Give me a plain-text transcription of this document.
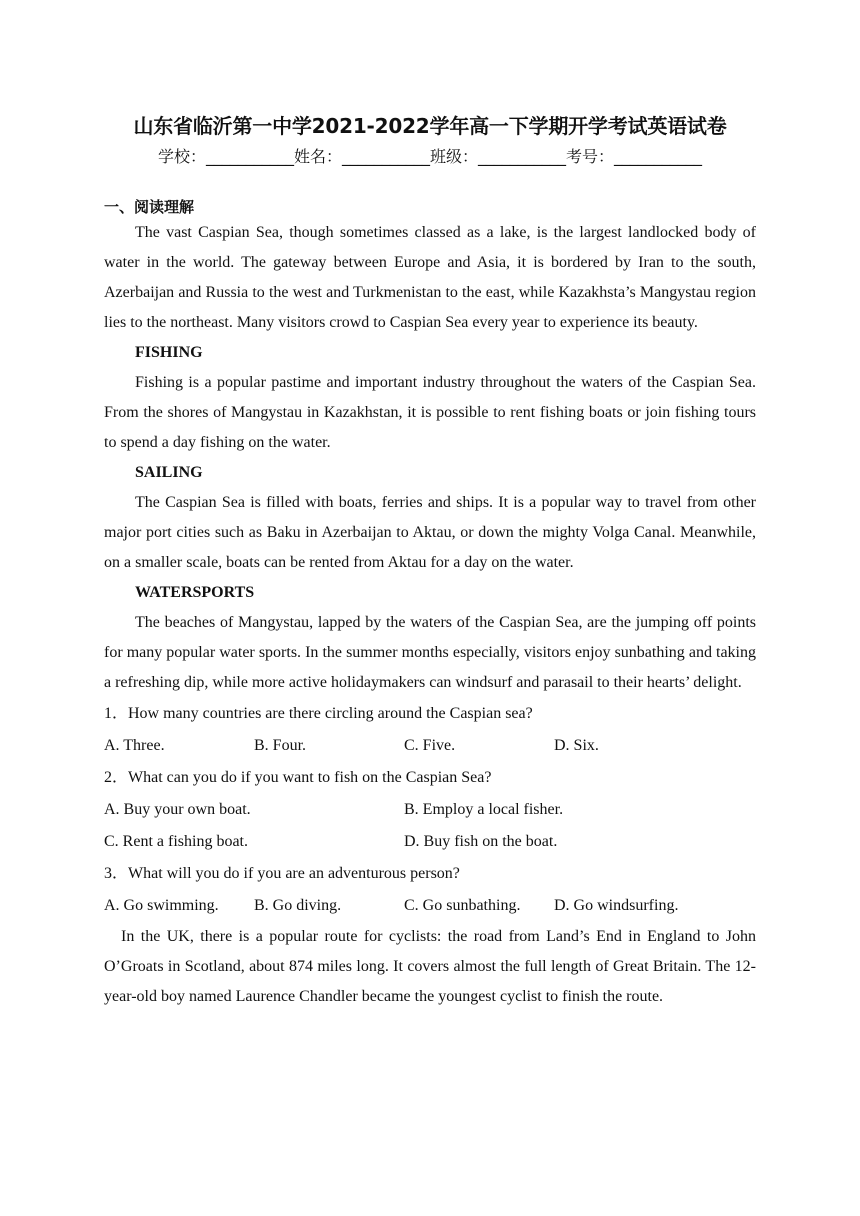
山东省临沂第一中学2021-2022学年高一下学期开学考试英语试卷
学校：___________姓名：___________班级：___________考号：___________
一、阅读理解

The vast Caspian Sea, though sometimes classed as a lake, is the largest landlocked body of water in the world. The gateway between Europe and Asia, it is bordered by Iran to the south, Azerbaijan and Russia to the west and Turkmenistan to the east, while Kazakhsta’s Mangystau region lies to the northeast. Many visitors crowd to Caspian Sea every year to experience its beauty.

FISHING

Fishing is a popular pastime and important industry throughout the waters of the Caspian Sea. From the shores of Mangystau in Kazakhstan, it is possible to rent fishing boats or join fishing tours to spend a day fishing on the water.

SAILING

The Caspian Sea is filled with boats, ferries and ships. It is a popular way to travel from other major port cities such as Baku in Azerbaijan to Aktau, or down the mighty Volga Canal. Meanwhile, on a smaller scale, boats can be rented from Aktau for a day on the water.

WATERSPORTS

The beaches of Mangystau, lapped by the waters of the Caspian Sea, are the jumping off points for many popular water sports. In the summer months especially, visitors enjoy sunbathing and taking a refreshing dip, while more active holidaymakers can windsurf and parasail to their hearts’ delight.

1．How many countries are there circling around the Caspian sea?
A. Three.	B. Four.	C. Five.	D. Six.
2．What can you do if you want to fish on the Caspian Sea?
A. Buy your own boat.	B. Employ a local fisher.
C. Rent a fishing boat.	D. Buy fish on the boat.
3．What will you do if you are an adventurous person?
A. Go swimming.	B. Go diving.	C. Go sunbathing.	D. Go windsurfing.

In the UK, there is a popular route for cyclists: the road from Land’s End in England to John O’Groats in Scotland, about 874 miles long. It covers almost the full length of Great Britain. The 12-year-old boy named Laurence Chandler became the youngest cyclist to finish the route.
